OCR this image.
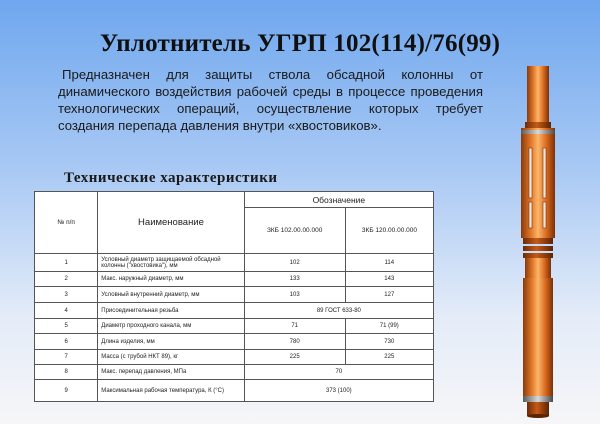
Уплотнитель УГРП 102(114)/76(99)
Предназначен для защиты ствола обсадной колонны от динамического воздействия рабочей среды в процессе проведения технологических операций, осуществление которых требует создания перепада давления внутри «хвостовиков».
Технические характеристики
№ п/п	Наименование	Обозначение	
		ЗКБ 102.00.00.000	ЗКБ 120.00.00.000
1	Условный диаметр защищаемой обсадной колонны ("хвостовика"), мм	102	114
2	Макс. наружный диаметр, мм	133	143
3	Условный внутренний диаметр, мм	103	127
4	Присоединительная резьба	89 ГОСТ 633-80	
5	Диаметр проходного канала, мм	71	71 (99)
6	Длина изделия, мм	780	730
7	Масса (с трубой НКТ 89), кг	225	225
8	Макс. перепад давления, МПа	70	
9	Максимальная рабочая температура, К (°С)	373 (100)	
